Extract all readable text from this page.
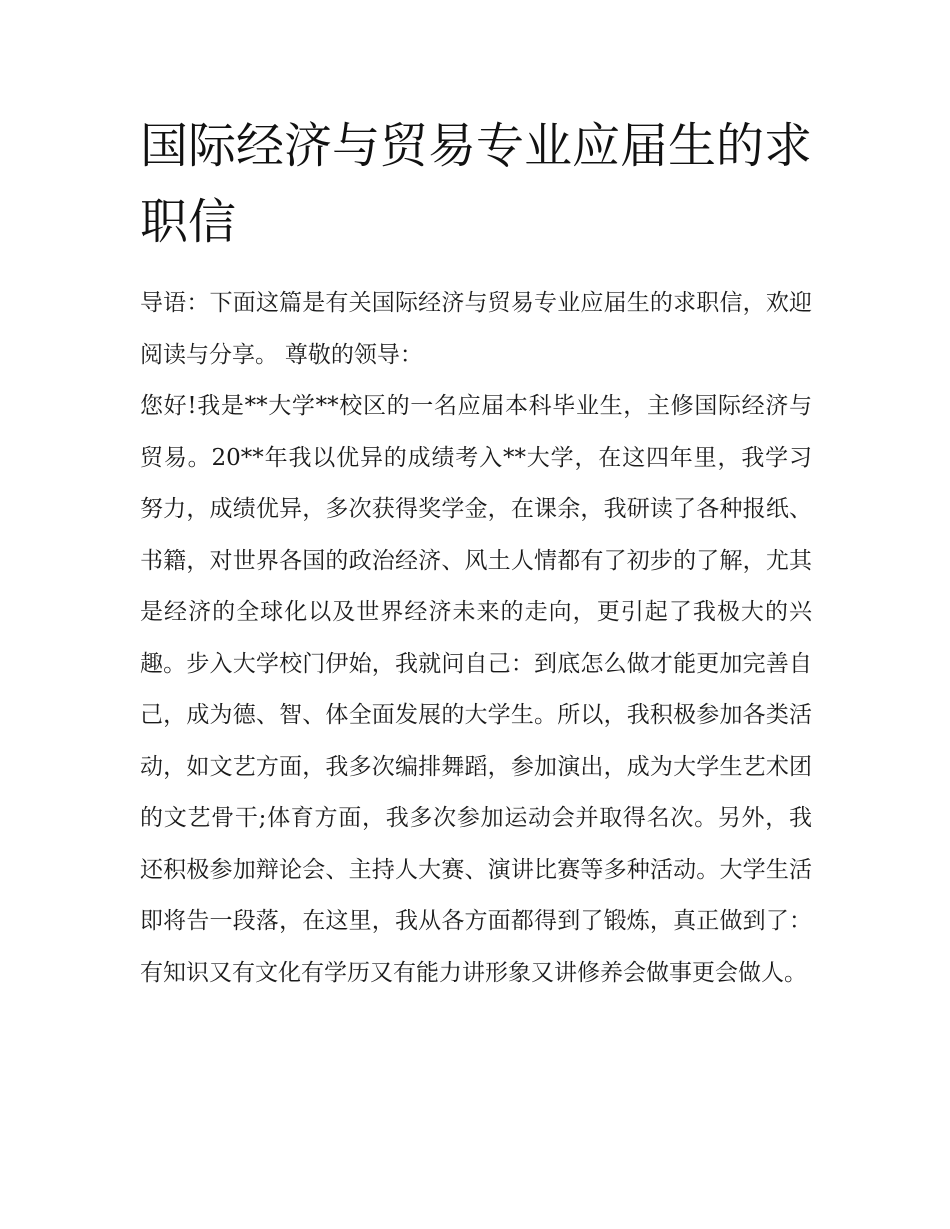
国际经济与贸易专业应届生的求职信

导语：下面这篇是有关国际经济与贸易专业应届生的求职信，欢迎阅读与分享。 尊敬的领导：

您好!我是**大学**校区的一名应届本科毕业生，主修国际经济与贸易。20**年我以优异的成绩考入**大学，在这四年里，我学习努力，成绩优异，多次获得奖学金，在课余，我研读了各种报纸、书籍，对世界各国的政治经济、风土人情都有了初步的了解，尤其是经济的全球化以及世界经济未来的走向，更引起了我极大的兴趣。步入大学校门伊始，我就问自己：到底怎么做才能更加完善自己，成为德、智、体全面发展的大学生。所以，我积极参加各类活动，如文艺方面，我多次编排舞蹈，参加演出，成为大学生艺术团的文艺骨干;体育方面，我多次参加运动会并取得名次。另外，我还积极参加辩论会、主持人大赛、演讲比赛等多种活动。大学生活即将告一段落，在这里，我从各方面都得到了锻炼，真正做到了：有知识又有文化有学历又有能力讲形象又讲修养会做事更会做人。
